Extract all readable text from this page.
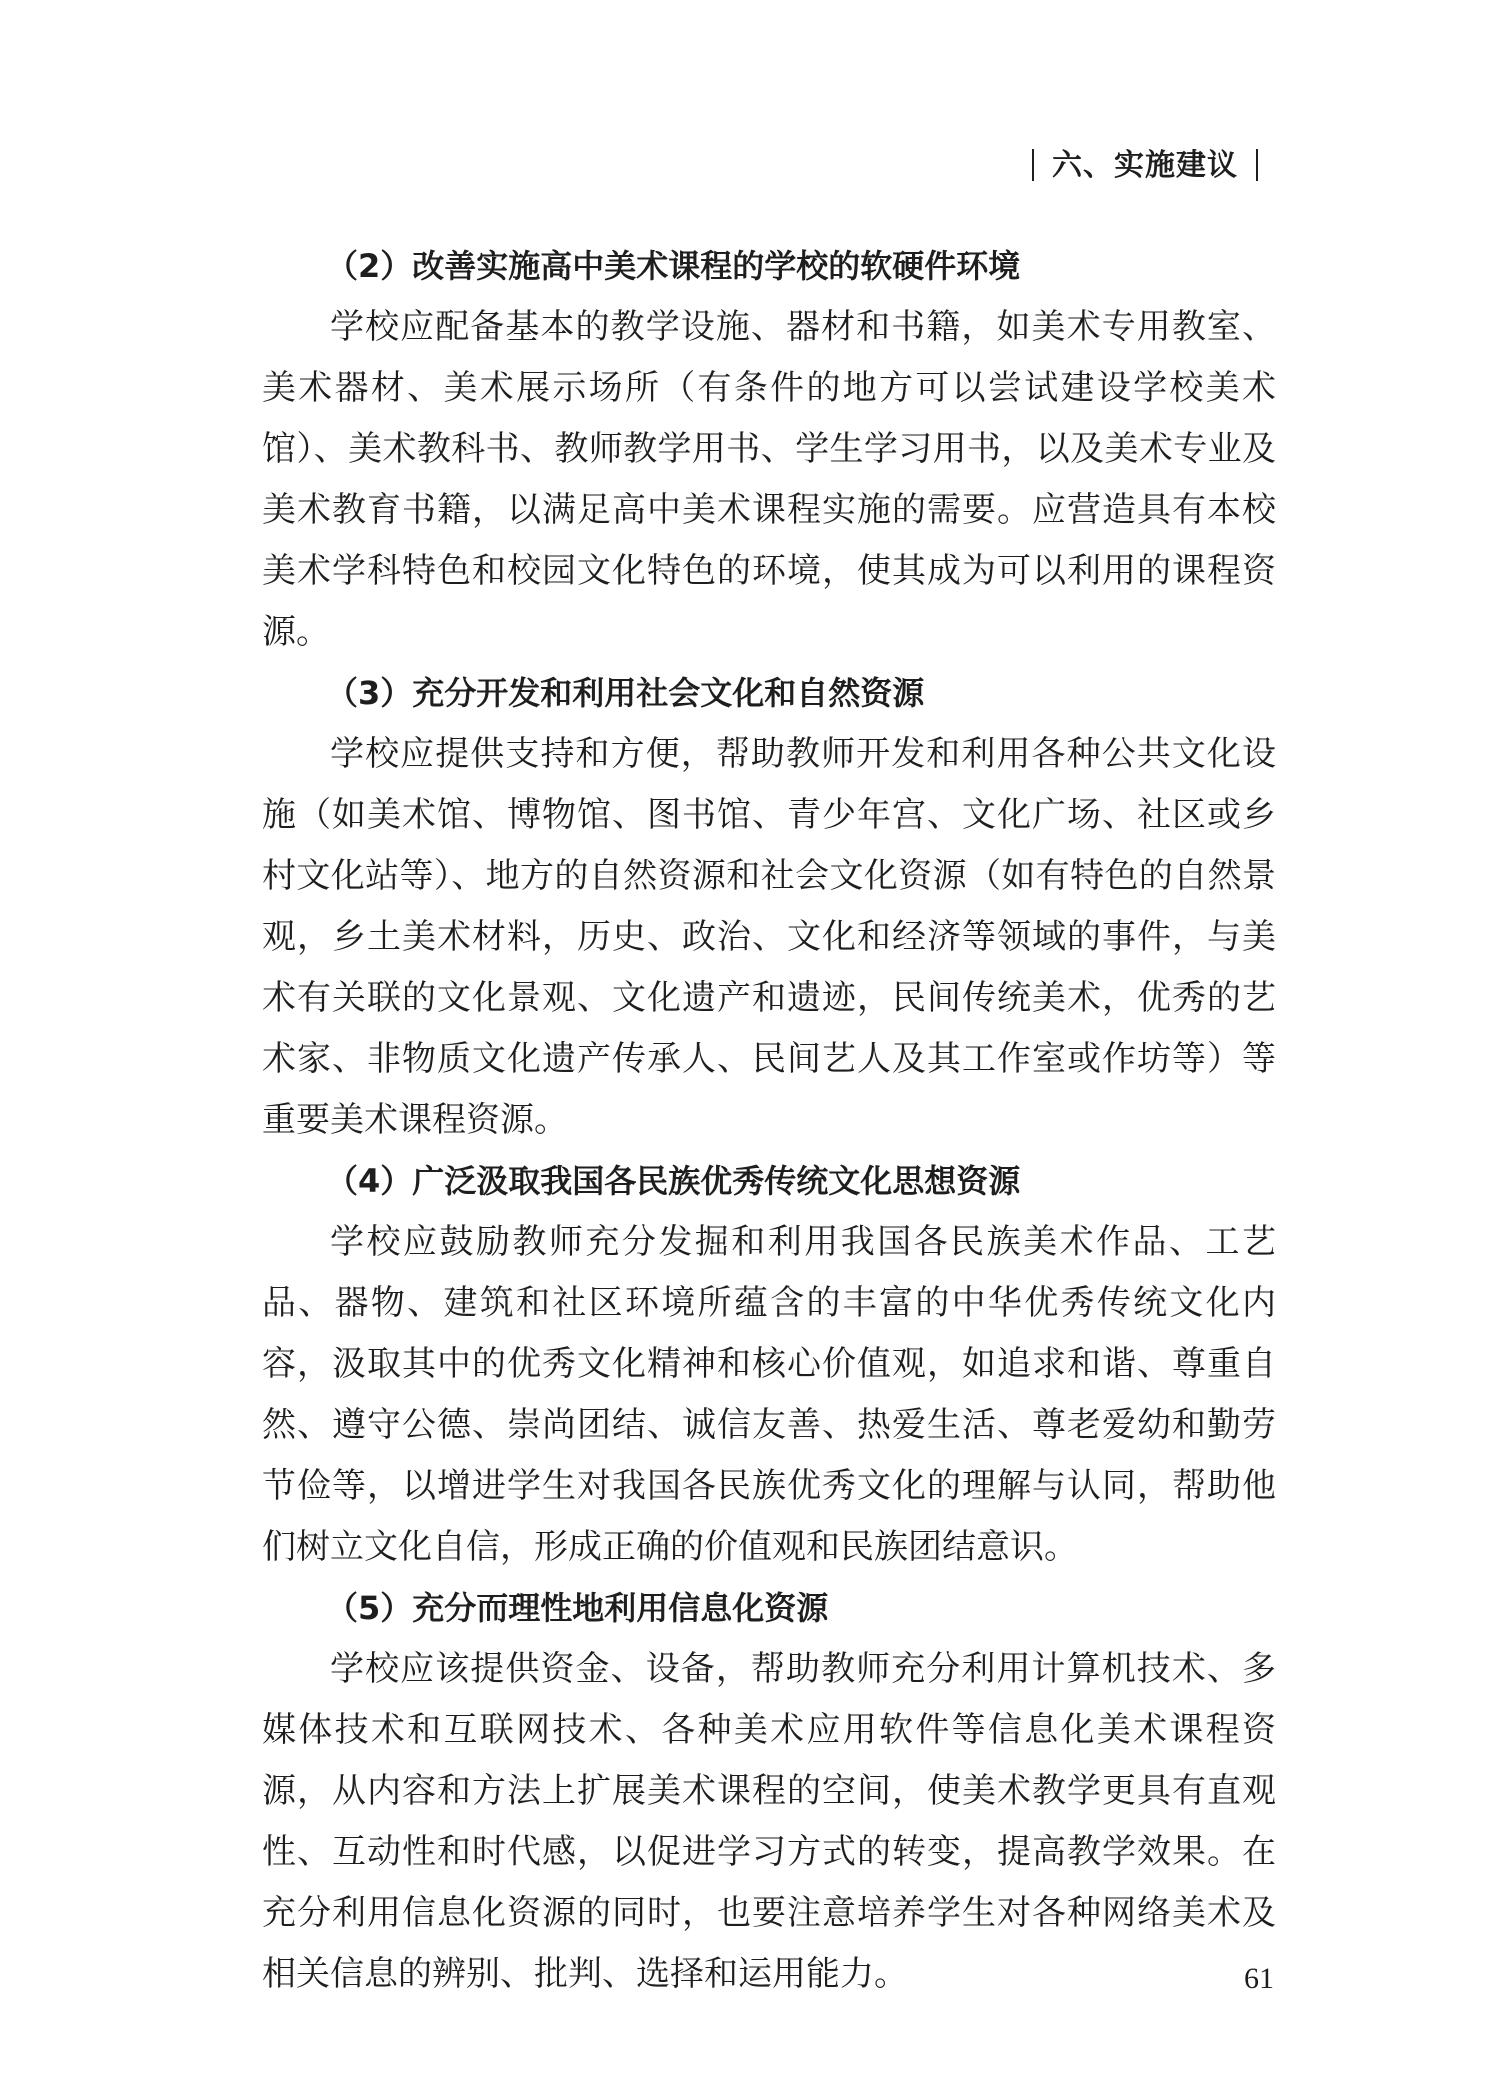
六、实施建议

（2）改善实施高中美术课程的学校的软硬件环境

学校应配备基本的教学设施、器材和书籍，如美术专用教室、美术器材、美术展示场所（有条件的地方可以尝试建设学校美术馆）、美术教科书、教师教学用书、学生学习用书，以及美术专业及美术教育书籍，以满足高中美术课程实施的需要。应营造具有本校美术学科特色和校园文化特色的环境，使其成为可以利用的课程资源。

（3）充分开发和利用社会文化和自然资源

学校应提供支持和方便，帮助教师开发和利用各种公共文化设施（如美术馆、博物馆、图书馆、青少年宫、文化广场、社区或乡村文化站等）、地方的自然资源和社会文化资源（如有特色的自然景观，乡土美术材料，历史、政治、文化和经济等领域的事件，与美术有关联的文化景观、文化遗产和遗迹，民间传统美术，优秀的艺术家、非物质文化遗产传承人、民间艺人及其工作室或作坊等）等重要美术课程资源。

（4）广泛汲取我国各民族优秀传统文化思想资源

学校应鼓励教师充分发掘和利用我国各民族美术作品、工艺品、器物、建筑和社区环境所蕴含的丰富的中华优秀传统文化内容，汲取其中的优秀文化精神和核心价值观，如追求和谐、尊重自然、遵守公德、崇尚团结、诚信友善、热爱生活、尊老爱幼和勤劳节俭等，以增进学生对我国各民族优秀文化的理解与认同，帮助他们树立文化自信，形成正确的价值观和民族团结意识。

（5）充分而理性地利用信息化资源

学校应该提供资金、设备，帮助教师充分利用计算机技术、多媒体技术和互联网技术、各种美术应用软件等信息化美术课程资源，从内容和方法上扩展美术课程的空间，使美术教学更具有直观性、互动性和时代感，以促进学习方式的转变，提高教学效果。在充分利用信息化资源的同时，也要注意培养学生对各种网络美术及相关信息的辨别、批判、选择和运用能力。	61
